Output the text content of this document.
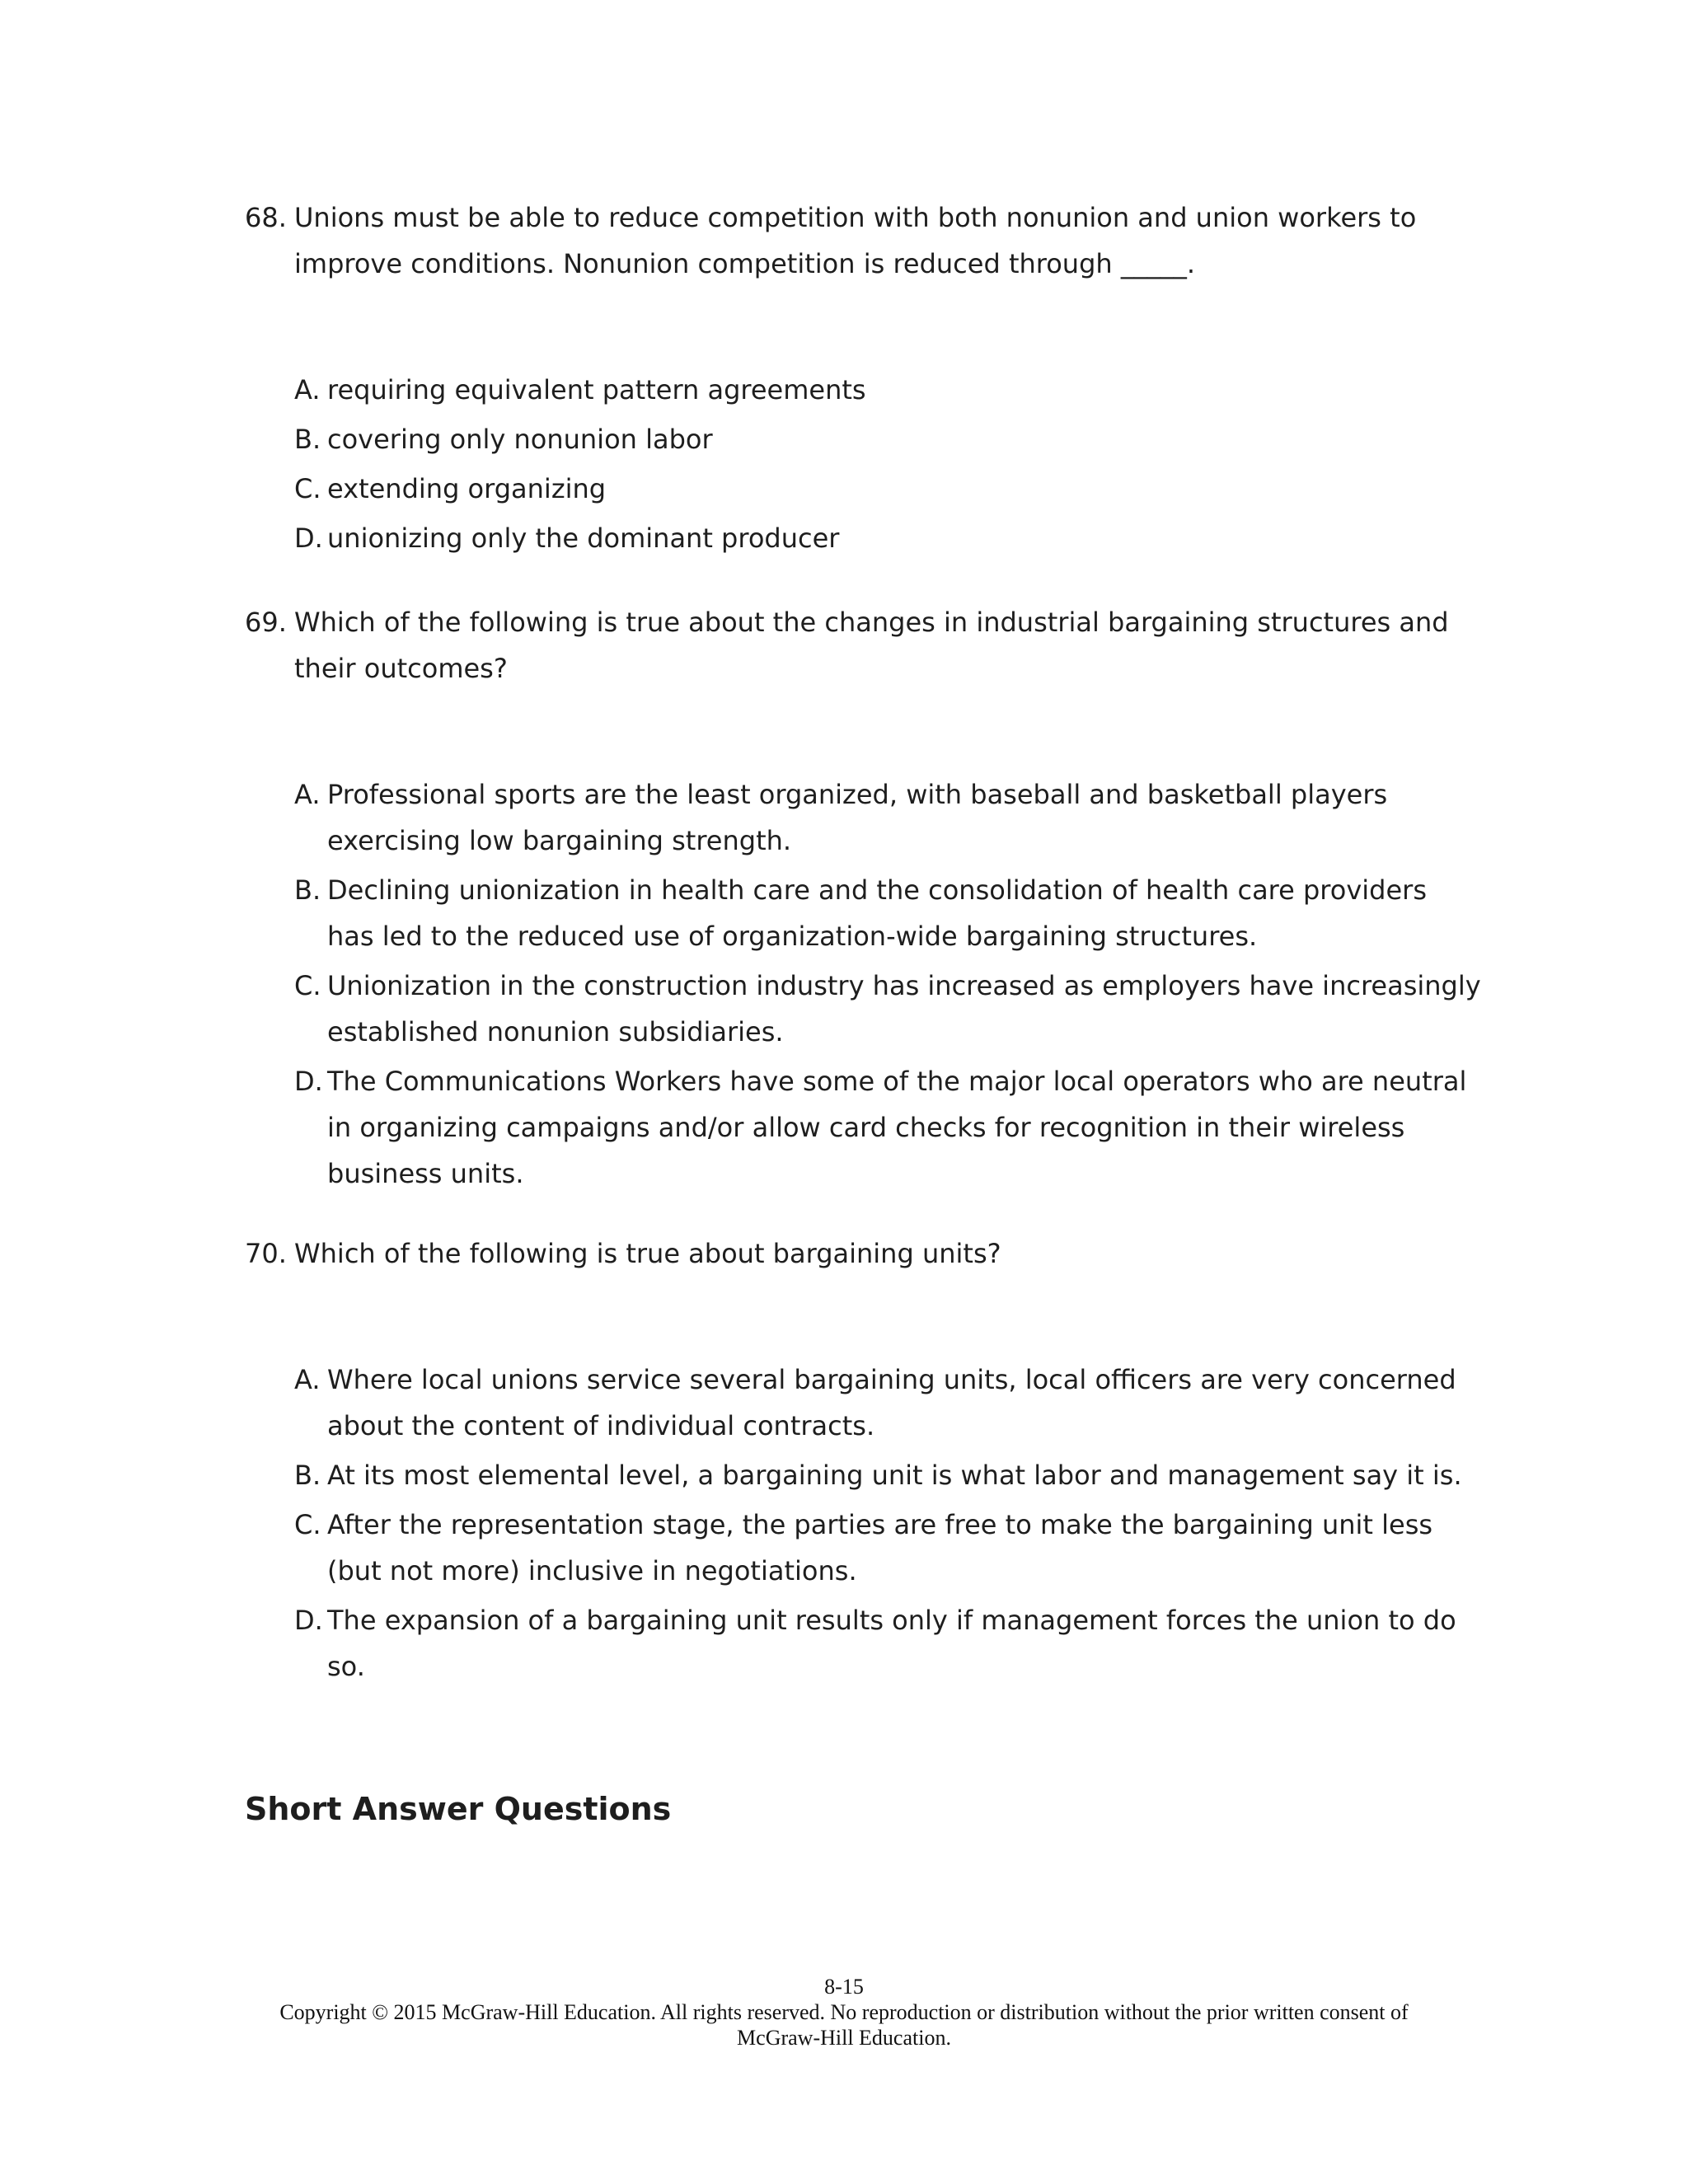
68. Unions must be able to reduce competition with both nonunion and union workers to improve conditions. Nonunion competition is reduced through _____.
A. requiring equivalent pattern agreements
B. covering only nonunion labor
C. extending organizing
D. unionizing only the dominant producer
69. Which of the following is true about the changes in industrial bargaining structures and their outcomes?
A. Professional sports are the least organized, with baseball and basketball players exercising low bargaining strength.
B. Declining unionization in health care and the consolidation of health care providers has led to the reduced use of organization-wide bargaining structures.
C. Unionization in the construction industry has increased as employers have increasingly established nonunion subsidiaries.
D. The Communications Workers have some of the major local operators who are neutral in organizing campaigns and/or allow card checks for recognition in their wireless business units.
70. Which of the following is true about bargaining units?
A. Where local unions service several bargaining units, local officers are very concerned about the content of individual contracts.
B. At its most elemental level, a bargaining unit is what labor and management say it is.
C. After the representation stage, the parties are free to make the bargaining unit less (but not more) inclusive in negotiations.
D. The expansion of a bargaining unit results only if management forces the union to do so.
Short Answer Questions
8-15
Copyright © 2015 McGraw-Hill Education. All rights reserved. No reproduction or distribution without the prior written consent of
McGraw-Hill Education.
